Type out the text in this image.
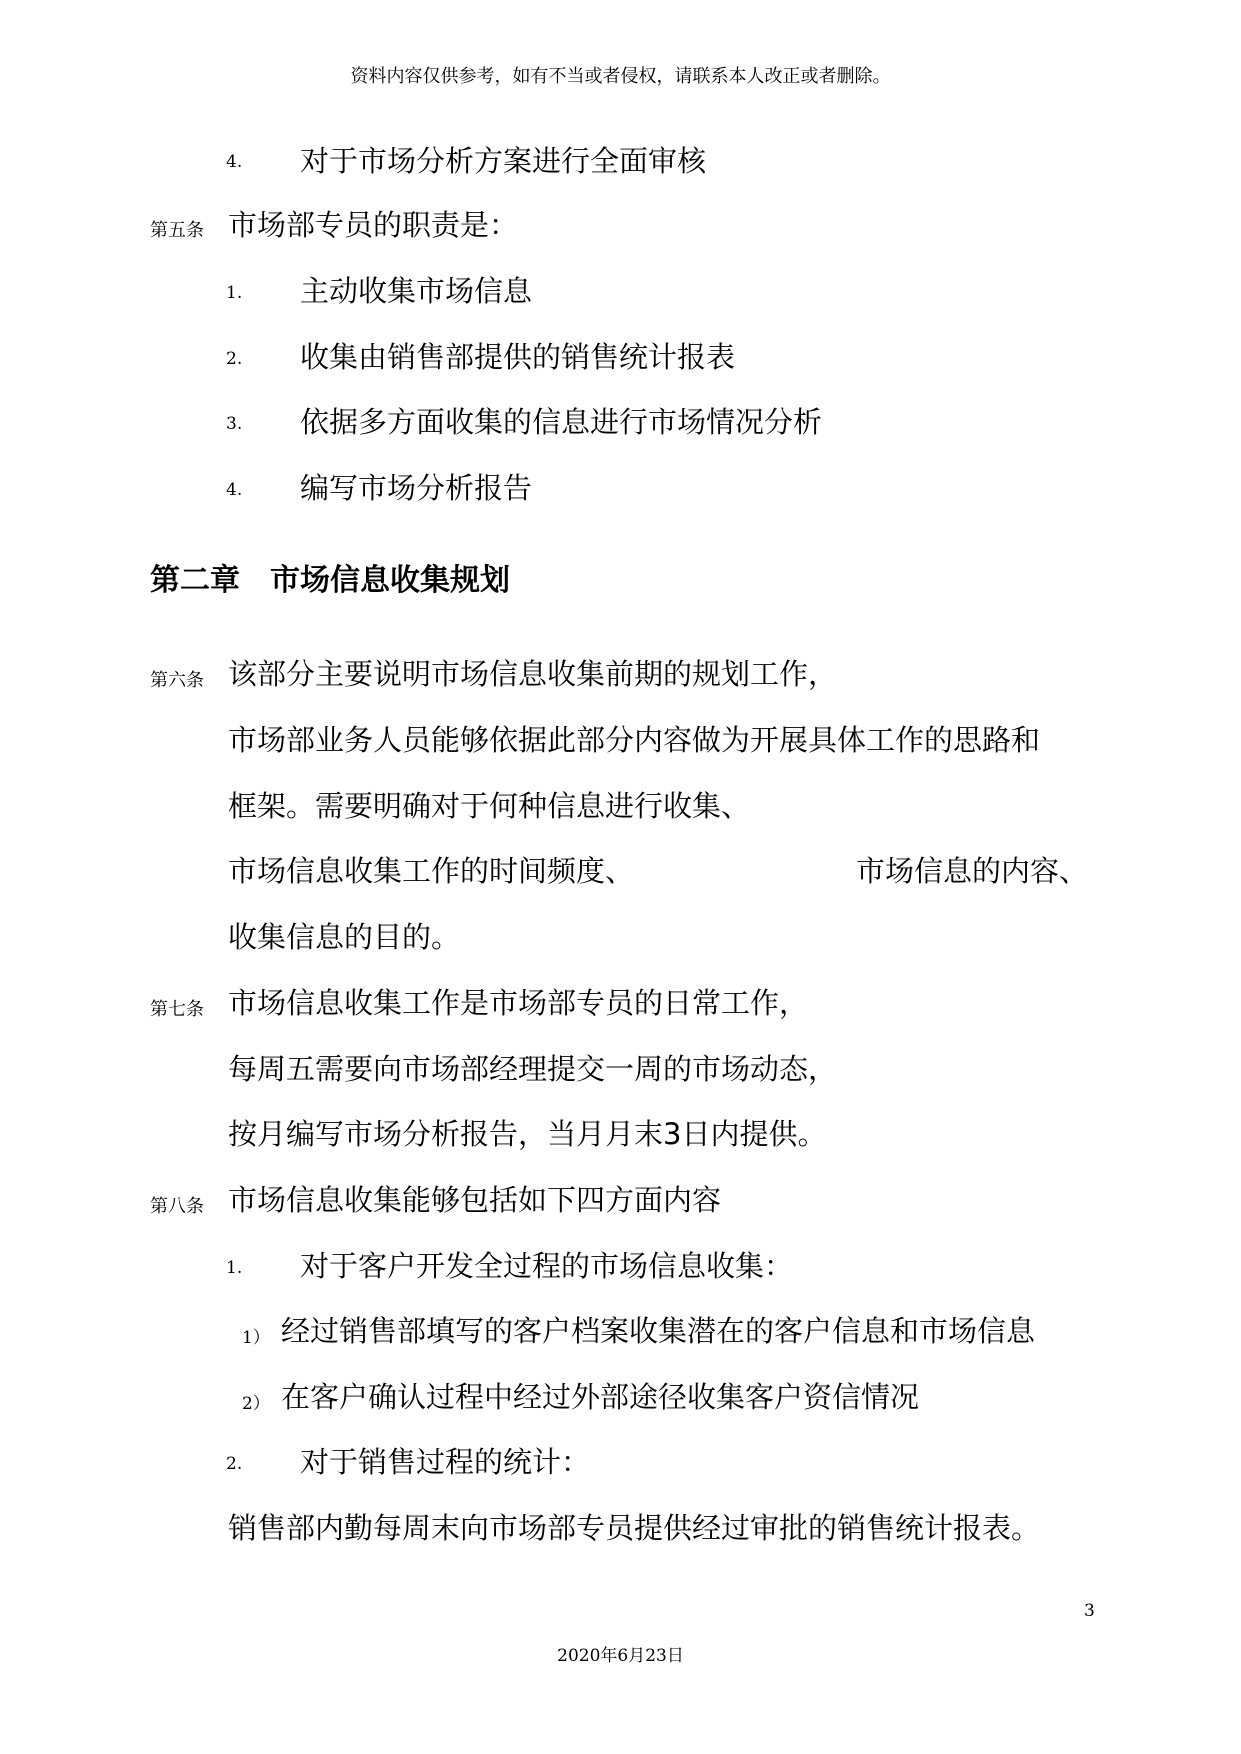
资料内容仅供参考，如有不当或者侵权，请联系本人改正或者删除。
4. 对于市场分析方案进行全面审核
第五条 市场部专员的职责是：
1. 主动收集市场信息
2. 收集由销售部提供的销售统计报表
3. 依据多方面收集的信息进行市场情况分析
4. 编写市场分析报告
第二章　市场信息收集规划
第六条 该部分主要说明市场信息收集前期的规划工作，
市场部业务人员能够依据此部分内容做为开展具体工作的思路和
框架。需要明确对于何种信息进行收集、
市场信息收集工作的时间频度、	市场信息的内容、
收集信息的目的。
第七条 市场信息收集工作是市场部专员的日常工作，
每周五需要向市场部经理提交一周的市场动态，
按月编写市场分析报告，当月月末3日内提供。
第八条 市场信息收集能够包括如下四方面内容
1. 对于客户开发全过程的市场信息收集：
1） 经过销售部填写的客户档案收集潜在的客户信息和市场信息
2） 在客户确认过程中经过外部途径收集客户资信情况
2. 对于销售过程的统计：
销售部内勤每周末向市场部专员提供经过审批的销售统计报表。
3
2020年6月23日
